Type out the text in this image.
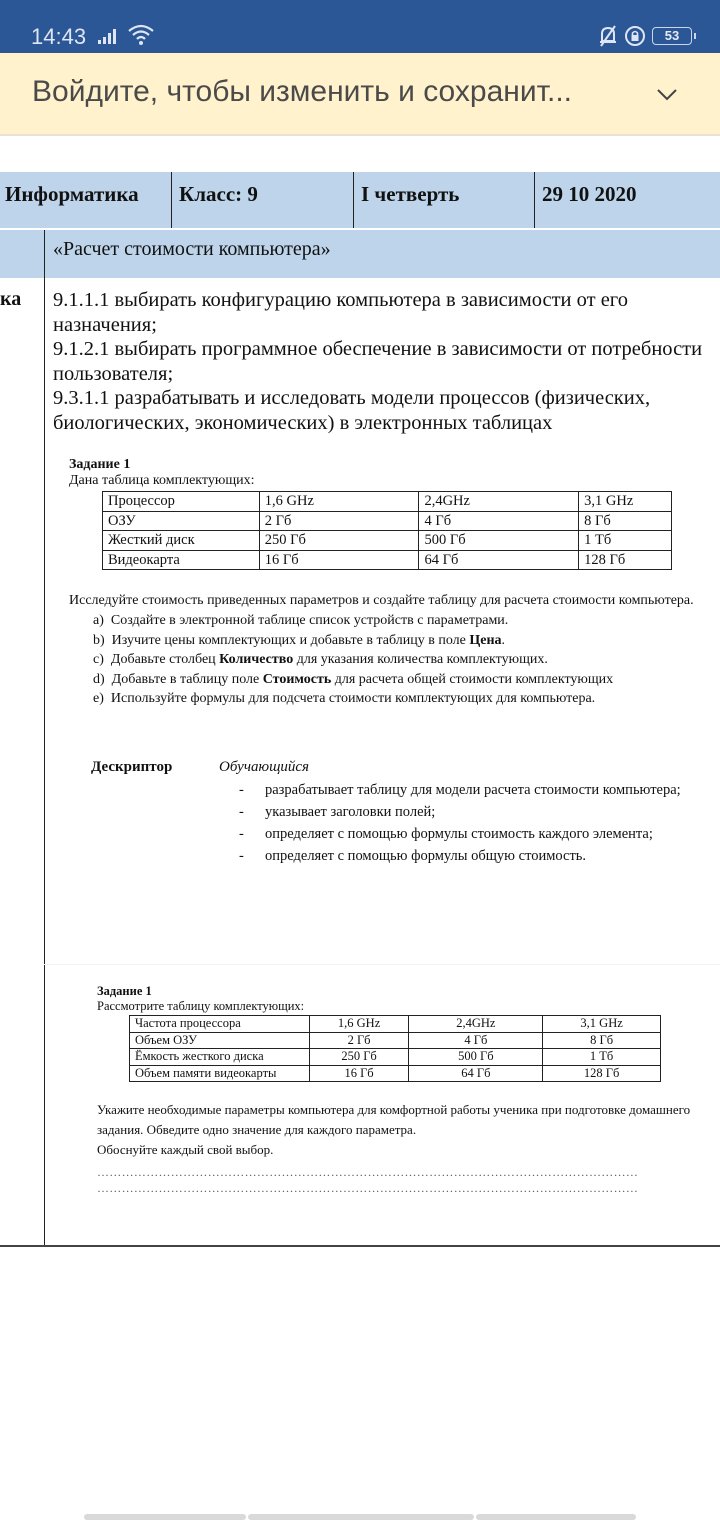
14:43	53
Войдите, чтобы изменить и сохранит...
Информатика Класс: 9	I четверть	29 10 2020
«Расчет стоимости компьютера»
ка 9.1.1.1 выбирать конфигурацию компьютера в зависимости от его назначения;
9.1.2.1 выбирать программное обеспечение в зависимости от потребности пользователя;
9.3.1.1 разрабатывать и исследовать модели процессов (физических, биологических, экономических) в электронных таблицах
Задание 1
Дана таблица комплектующих:
Процессор	1,6 GHz	2,4GHz	3,1 GHz
ОЗУ	2 Гб	4 Гб	8 Гб
Жесткий диск	250 Гб	500 Гб	1 Тб
Видеокарта	16 Гб	64 Гб	128 Гб
Исследуйте стоимость приведенных параметров и создайте таблицу для расчета стоимости компьютера.
a) Создайте в электронной таблице список устройств с параметрами.
b) Изучите цены комплектующих и добавьте в таблицу в поле Цена.
c) Добавьте столбец Количество для указания количества комплектующих.
d) Добавьте в таблицу поле Стоимость для расчета общей стоимости комплектующих
e) Используйте формулы для подсчета стоимости комплектующих для компьютера.
Дескриптор	Обучающийся
-	разрабатывает таблицу для модели расчета стоимости компьютера;
-	указывает заголовки полей;
-	определяет с помощью формулы стоимость каждого элемента;
-	определяет с помощью формулы общую стоимость.
Задание 1
Рассмотрите таблицу комплектующих:
Частота процессора	1,6 GHz	2,4GHz	3,1 GHz
Объем ОЗУ	2 Гб	4 Гб	8 Гб
Ёмкость жесткого диска	250 Гб	500 Гб	1 Тб
Объем памяти видеокарты	16 Гб	64 Гб	128 Гб
Укажите необходимые параметры компьютера для комфортной работы ученика при подготовке домашнего задания. Обведите одно значение для каждого параметра.
Обоснуйте каждый свой выбор.
……………………………………………………………………………………………………………………
……………………………………………………………………………………………………………………
